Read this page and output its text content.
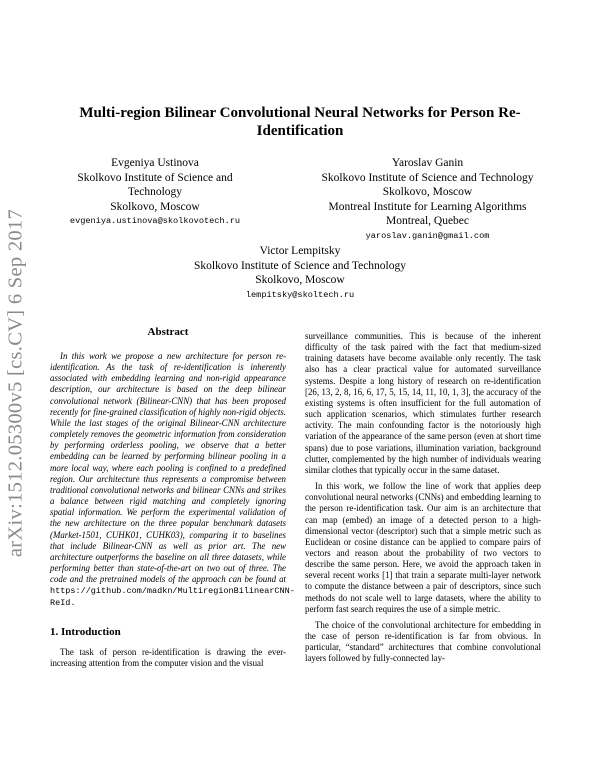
arXiv:1512.05300v5 [cs.CV] 6 Sep 2017
Multi-region Bilinear Convolutional Neural Networks for Person Re-Identification
Evgeniya Ustinova
Skolkovo Institute of Science and Technology
Skolkovo, Moscow
evgeniya.ustinova@skolkovotech.ru
Yaroslav Ganin
Skolkovo Institute of Science and Technology
Skolkovo, Moscow
Montreal Institute for Learning Algorithms
Montreal, Quebec
yaroslav.ganin@gmail.com
Victor Lempitsky
Skolkovo Institute of Science and Technology
Skolkovo, Moscow
lempitsky@skoltech.ru
Abstract

In this work we propose a new architecture for person re-identification. As the task of re-identification is inherently associated with embedding learning and non-rigid appearance description, our architecture is based on the deep bilinear convolutional network (Bilinear-CNN) that has been proposed recently for fine-grained classification of highly non-rigid objects. While the last stages of the original Bilinear-CNN architecture completely removes the geometric information from consideration by performing orderless pooling, we observe that a better embedding can be learned by performing bilinear pooling in a more local way, where each pooling is confined to a predefined region. Our architecture thus represents a compromise between traditional convolutional networks and bilinear CNNs and strikes a balance between rigid matching and completely ignoring spatial information. We perform the experimental validation of the new architecture on the three popular benchmark datasets (Market-1501, CUHK01, CUHK03), comparing it to baselines that include Bilinear-CNN as well as prior art. The new architecture outperforms the baseline on all three datasets, while performing better than state-of-the-art on two out of three. The code and the pretrained models of the approach can be found at https://github.com/madkn/MultiregionBilinearCNN-ReId.

1. Introduction

The task of person re-identification is drawing the ever-increasing attention from the computer vision and the visual

surveillance communities. This is because of the inherent difficulty of the task paired with the fact that medium-sized training datasets have become available only recently. The task also has a clear practical value for automated surveillance systems. Despite a long history of research on re-identification [26, 13, 2, 8, 16, 6, 17, 5, 15, 14, 11, 10, 1, 3], the accuracy of the existing systems is often insufficient for the full automation of such application scenarios, which stimulates further research activity. The main confounding factor is the notoriously high variation of the appearance of the same person (even at short time spans) due to pose variations, illumination variation, background clutter, complemented by the high number of individuals wearing similar clothes that typically occur in the same dataset.

In this work, we follow the line of work that applies deep convolutional neural networks (CNNs) and embedding learning to the person re-identification task. Our aim is an architecture that can map (embed) an image of a detected person to a high-dimensional vector (descriptor) such that a simple metric such as Euclidean or cosine distance can be applied to compare pairs of vectors and reason about the probability of two vectors to describe the same person. Here, we avoid the approach taken in several recent works [1] that train a separate multi-layer network to compute the distance between a pair of descriptors, since such methods do not scale well to large datasets, where the ability to perform fast search requires the use of a simple metric.

The choice of the convolutional architecture for embedding in the case of person re-identification is far from obvious. In particular, “standard” architectures that combine convolutional layers followed by fully-connected lay-
